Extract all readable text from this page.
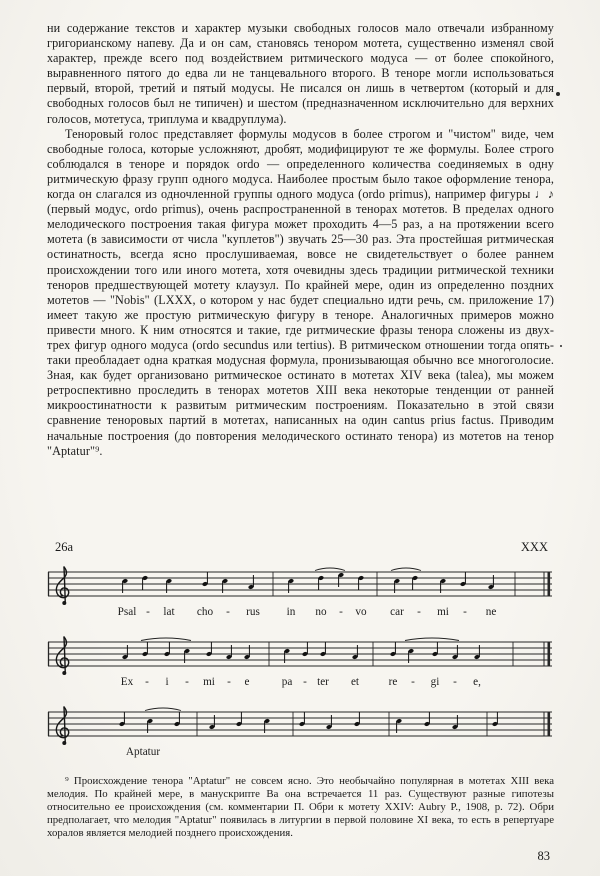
ни содержание текстов и характер музыки свободных голосов мало отвечали избранному григорианскому напеву. Да и он сам, становясь тенором мотета, существенно изменял свой характер, прежде всего под воздействием ритмического модуса — от более спокойного, выравненного пятого до едва ли не танцевального второго. В теноре могли использоваться первый, второй, третий и пятый модусы. Не писался он лишь в четвертом (который и для свободных голосов был не типичен) и шестом (предназначенном исключительно для верхних голосов, мотетуса, триплума и квадруплума).

Теноровый голос представляет формулы модусов в более строгом и "чистом" виде, чем свободные голоса, которые усложняют, дробят, модифицируют те же формулы. Более строго соблюдался в теноре и порядок ordo — определенного количества соединяемых в одну ритмическую фразу групп одного модуса. Наиболее простым было такое оформление тенора, когда он слагался из одночленной группы одного модуса (ordo primus), например фигуры ♩♪ (первый модус, ordo primus), очень распространенной в тенорах мотетов. В пределах одного мелодического построения такая фигура может проходить 4—5 раз, а на протяжении всего мотета (в зависимости от числа "куплетов") звучать 25—30 раз. Эта простейшая ритмическая остинатность, всегда ясно прослушиваемая, вовсе не свидетельствует о более раннем происхождении того или иного мотета, хотя очевидны здесь традиции ритмической техники теноров предшествующей мотету клаузул. По крайней мере, один из определенно поздних мотетов — "Nobis" (LXXX, о котором у нас будет специально идти речь, см. приложение 17) имеет такую же простую ритмическую фигуру в теноре. Аналогичных примеров можно привести много. К ним относятся и такие, где ритмические фразы тенора сложены из двух-трех фигур одного модуса (ordo secundus или tertius). В ритмическом отношении тогда опять-таки преобладает одна краткая модусная формула, пронизывающая обычно все многоголосие. Зная, как будет организовано ритмическое остинато в мотетах XIV века (talea), мы можем ретроспективно проследить в тенорах мотетов XIII века некоторые тенденции от ранней микроостинатности к развитым ритмическим построениям. Показательно в этой связи сравнение теноровых партий в мотетах, написанных на один cantus prius factus. Приводим начальные построения (до повторения мелодического остинато тенора) из мотетов на тенор "Aptatur"⁹.

26a	XXX
Psal - lat cho - rus in no - vo car - mi - ne
Ex - i - mi - e	pa - ter et	re - gi - e,
Aptatur
⁹ Происхождение тенора "Aptatur" не совсем ясно. Это необычайно популярная в мотетах XIII века мелодия. По крайней мере, в манускрипте Ba она встречается 11 раз. Существуют разные гипотезы относительно ее происхождения (см. комментарии П. Обри к мотету XXIV: Aubry P., 1908, p. 72). Обри предполагает, что мелодия "Aptatur" появилась в литургии в первой половине XI века, то есть в репертуаре хоралов является мелодией позднего происхождения.
83
